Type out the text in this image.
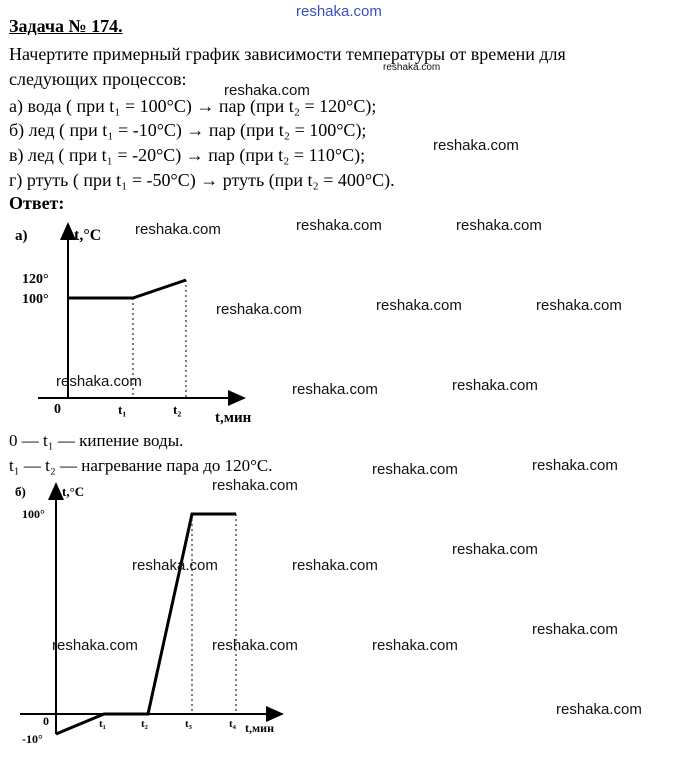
reshaka.com
Задача № 174.
Начертите примерный график зависимости температуры от времени для
следующих процессов:
а) вода ( при t₁ = 100°C) → пар (при t₂ = 120°C);
б) лед ( при t₁ = -10°C) → пар (при t₂ = 100°C);
в) лед ( при t₁ = -20°C) → пар (при t₂ = 110°C);
г) ртуть ( при t₁ = -50°C) → ртуть (при t₂ = 400°C).
Ответ:
а)	t,°C
t,мин
120°
100°
0	t₁	t₂
0 — t₁ — кипение воды.
t₁ — t₂ — нагревание пара до 120°C.
б)	t,°C
t,мин
100°
-10°
0	t₁	t₂	t₃	t₄
reshaka.com
reshaka.com
reshaka.com
reshaka.com	reshaka.com	reshaka.com
reshaka.com	reshaka.com	reshaka.com
reshaka.com	reshaka.com	reshaka.com
reshaka.com	reshaka.com
reshaka.com
reshaka.com
reshaka.com	reshaka.com
reshaka.com
reshaka.com	reshaka.com	reshaka.com
reshaka.com
